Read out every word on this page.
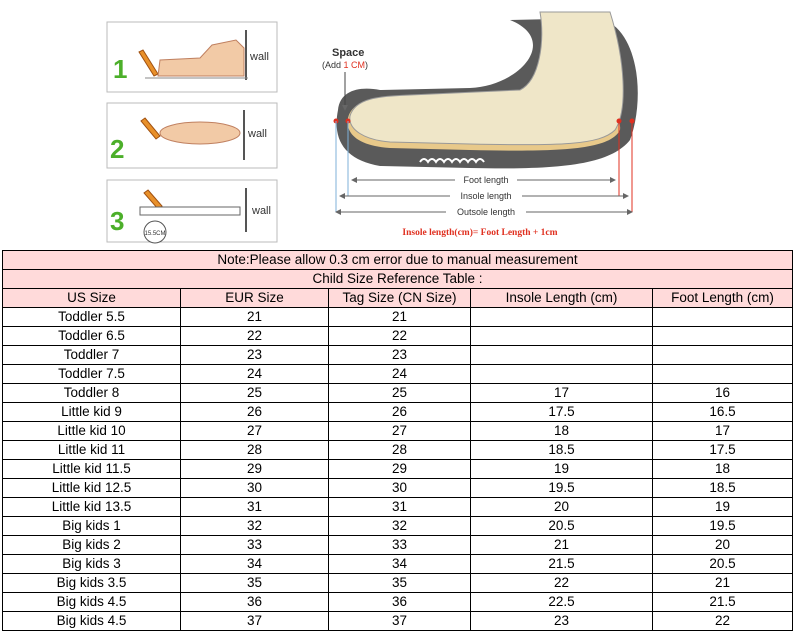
1	wall
2	wall
3	wall
15.5CM
Space
(Add 1 CM)
Foot length
Insole length
Outsole length
Insole length(cm)= Foot Length + 1cm
Note:Please allow 0.3 cm error due to manual measurement				
Child Size Reference Table :				
US Size	EUR Size	Tag Size (CN Size)	Insole Length (cm)	Foot Length (cm)
Toddler 5.5	21	21		
Toddler 6.5	22	22		
Toddler 7	23	23		
Toddler 7.5	24	24		
Toddler 8	25	25	17	16
Little kid 9	26	26	17.5	16.5
Little kid 10	27	27	18	17
Little kid 11	28	28	18.5	17.5
Little kid 11.5	29	29	19	18
Little kid 12.5	30	30	19.5	18.5
Little kid 13.5	31	31	20	19
Big kids 1	32	32	20.5	19.5
Big kids 2	33	33	21	20
Big kids 3	34	34	21.5	20.5
Big kids 3.5	35	35	22	21
Big kids 4.5	36	36	22.5	21.5
Big kids 4.5	37	37	23	22
